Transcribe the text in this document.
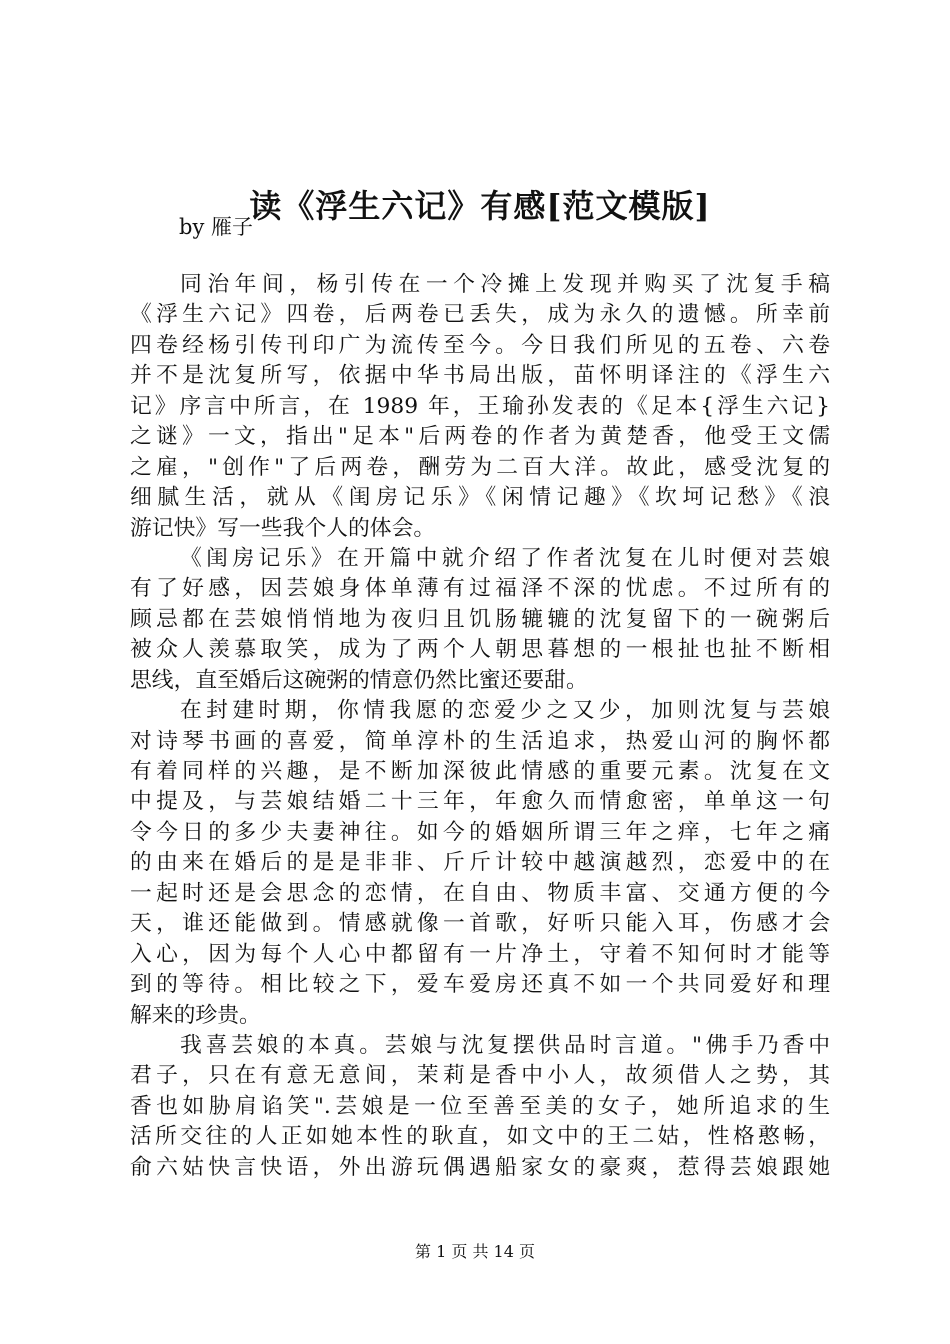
读《浮生六记》有感[范文模版]
by 雁子
同治年间，杨引传在一个冷摊上发现并购买了沈复手稿
《浮生六记》四卷，后两卷已丢失，成为永久的遗憾。所幸前
四卷经杨引传刊印广为流传至今。今日我们所见的五卷、六卷
并不是沈复所写，依据中华书局出版，苗怀明译注的《浮生六
记》序言中所言，在 1989 年，王瑜孙发表的《足本{浮生六记}
之谜》一文，指出"足本"后两卷的作者为黄楚香，他受王文儒
之雇，"创作"了后两卷，酬劳为二百大洋。故此，感受沈复的
细腻生活，就从《闺房记乐》《闲情记趣》《坎坷记愁》《浪
游记快》写一些我个人的体会。
《闺房记乐》在开篇中就介绍了作者沈复在儿时便对芸娘
有了好感，因芸娘身体单薄有过福泽不深的忧虑。不过所有的
顾忌都在芸娘悄悄地为夜归且饥肠辘辘的沈复留下的一碗粥后
被众人羡慕取笑，成为了两个人朝思暮想的一根扯也扯不断相
思线，直至婚后这碗粥的情意仍然比蜜还要甜。
在封建时期，你情我愿的恋爱少之又少，加则沈复与芸娘
对诗琴书画的喜爱，简单淳朴的生活追求，热爱山河的胸怀都
有着同样的兴趣，是不断加深彼此情感的重要元素。沈复在文
中提及，与芸娘结婚二十三年，年愈久而情愈密，单单这一句
令今日的多少夫妻神往。如今的婚姻所谓三年之痒，七年之痛
的由来在婚后的是是非非、斤斤计较中越演越烈，恋爱中的在
一起时还是会思念的恋情，在自由、物质丰富、交通方便的今
天，谁还能做到。情感就像一首歌，好听只能入耳，伤感才会
入心，因为每个人心中都留有一片净土，守着不知何时才能等
到的等待。相比较之下，爱车爱房还真不如一个共同爱好和理
解来的珍贵。
我喜芸娘的本真。芸娘与沈复摆供品时言道。"佛手乃香中
君子，只在有意无意间，茉莉是香中小人，故须借人之势，其
香也如胁肩谄笑".芸娘是一位至善至美的女子，她所追求的生
活所交往的人正如她本性的耿直，如文中的王二姑，性格憨畅，
俞六姑快言快语，外出游玩偶遇船家女的豪爽，惹得芸娘跟她
第 1 页 共 14 页
